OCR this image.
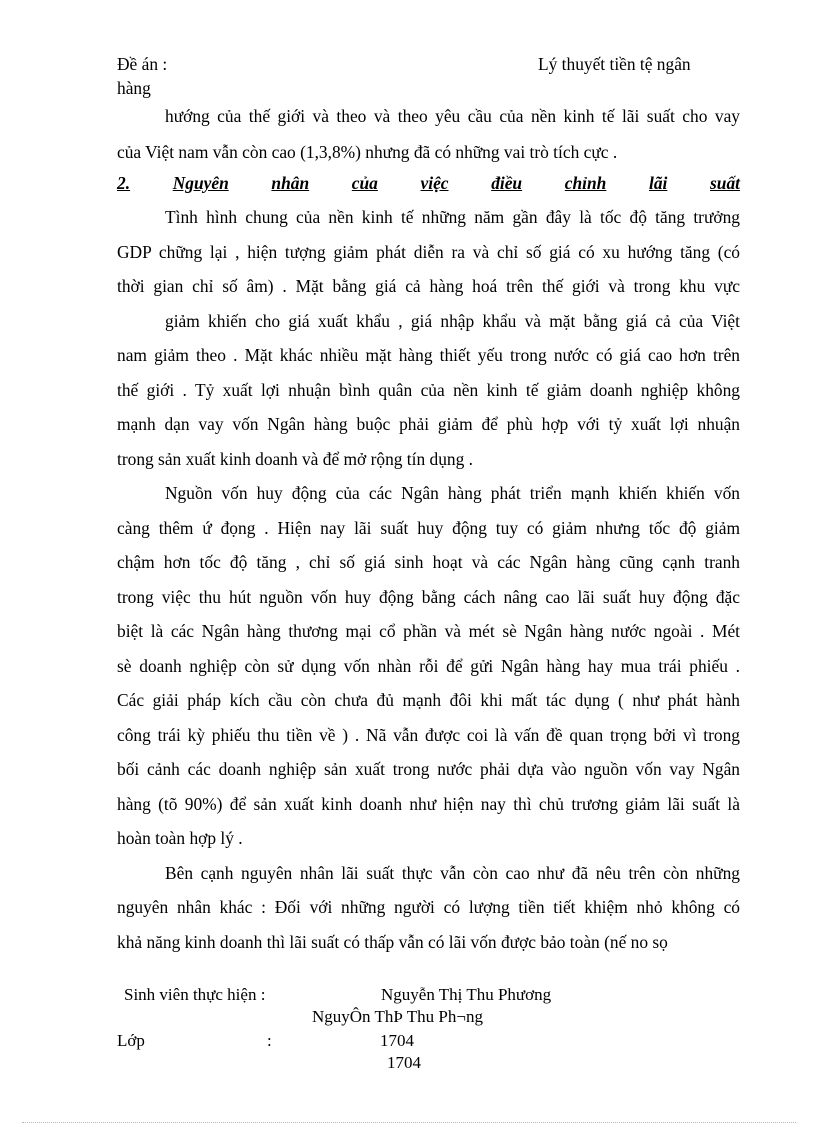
Đề án :	Lý thuyết tiền tệ ngân
hàng
hướng của thế giới và theo và theo yêu cầu của nền kinh tế lãi suất cho vay
của Việt nam vẫn còn cao (1,3,8%) nhưng đã có những vai trò tích cực .
2. Nguyên nhân của việc điều chỉnh lãi suất
Tình hình chung của nền kinh tế những năm gần đây là tốc độ tăng trưởng
GDP chững lại , hiện tượng giảm phát diễn ra và chỉ số giá có xu hướng tăng (có
thời gian chỉ số âm) . Mặt bằng giá cả hàng hoá trên thế giới và trong khu vực
giảm khiến cho giá xuất khẩu , giá nhập khẩu và mặt bằng giá cả của Việt
nam giảm theo . Mặt khác nhiều mặt hàng thiết yếu trong nước có giá cao hơn trên
thế giới . Tỷ xuất lợi nhuận bình quân của nền kinh tế giảm doanh nghiệp không
mạnh dạn vay vốn Ngân hàng buộc phải giảm để phù hợp với tỷ xuất lợi nhuận
trong sản xuất kinh doanh và để mở rộng tín dụng .
Nguồn vốn huy động của các Ngân hàng phát triển mạnh khiến khiến vốn
càng thêm ứ đọng . Hiện nay lãi suất huy động tuy có giảm nhưng tốc độ giảm
chậm hơn tốc độ tăng , chỉ số giá sinh hoạt và các Ngân hàng cũng cạnh tranh
trong việc thu hút nguồn vốn huy động bằng cách nâng cao lãi suất huy động đặc
biệt là các Ngân hàng thương mại cổ phần và mét sè Ngân hàng nước ngoài . Mét
sè doanh nghiệp còn sử dụng vốn nhàn rỗi để gửi Ngân hàng hay mua trái phiếu .
Các giải pháp kích cầu còn chưa đủ mạnh đôi khi mất tác dụng ( như phát hành
công trái kỳ phiếu thu tiền về ) . Nã vẫn được coi là vấn đề quan trọng bởi vì trong
bối cảnh các doanh nghiệp sản xuất trong nước phải dựa vào nguồn vốn vay Ngân
hàng (tõ 90%) để sản xuất kinh doanh như hiện nay thì chủ trương giảm lãi suất là
hoàn toàn hợp lý .
Bên cạnh nguyên nhân lãi suất thực vẫn còn cao như đã nêu trên còn những
nguyên nhân khác : Đối với những người có lượng tiền tiết khiệm nhỏ không có
khả năng kinh doanh thì lãi suất có thấp vẫn có lãi vốn được bảo toàn (nế no sọ
Sinh viên thực hiện :	Nguyễn Thị Thu Phương
NguyÔn ThÞ Thu Ph¬ng
Lớp	:	1704
1704
